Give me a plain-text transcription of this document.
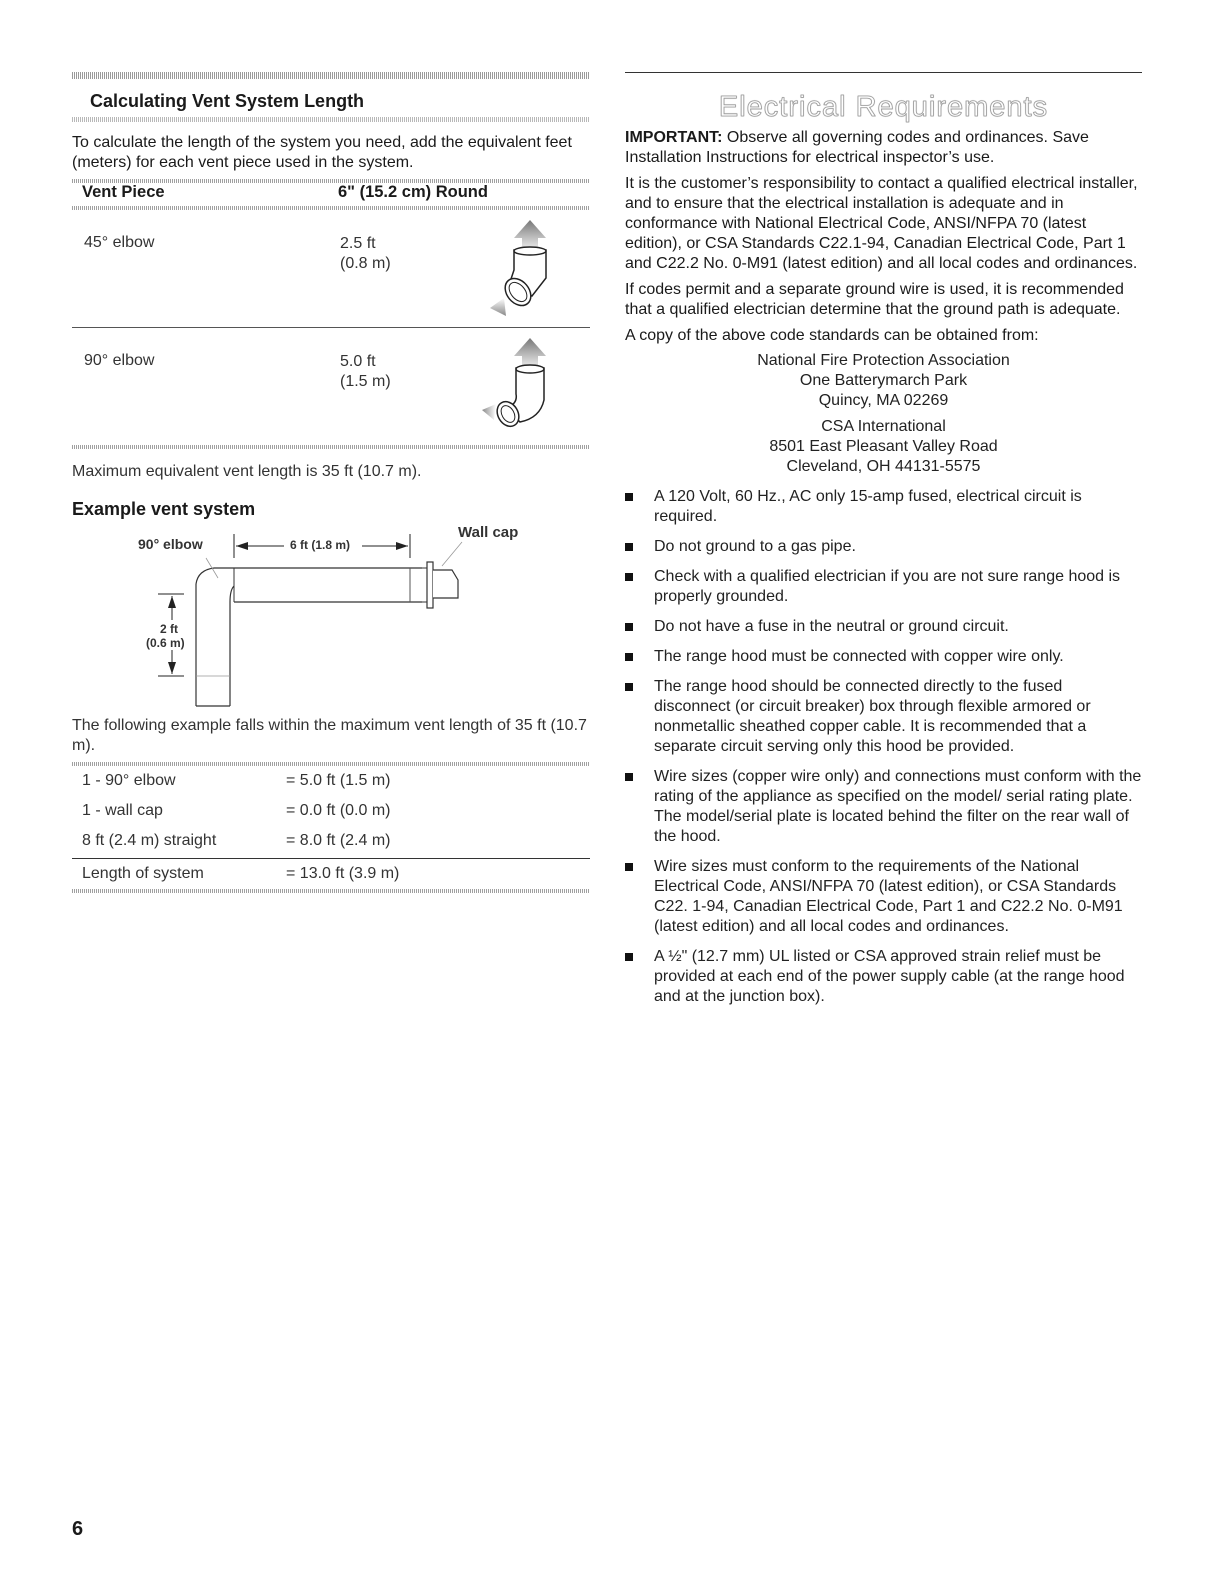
Calculating Vent System Length

To calculate the length of the system you need, add the equivalent feet (meters) for each vent piece used in the system.

Vent Piece	6" (15.2 cm) Round
45° elbow	2.5 ft
(0.8 m)
90° elbow	5.0 ft
(1.5 m)

Maximum equivalent vent length is 35 ft (10.7 m).

Example vent system
90° elbow	6 ft (1.8 m)
Wall cap
2 ft
(0.6 m)

The following example falls within the maximum vent length of 35 ft (10.7 m).

1 - 90° elbow	= 5.0 ft (1.5 m)
1 - wall cap	= 0.0 ft (0.0 m)
8 ft (2.4 m) straight	= 8.0 ft (2.4 m)
Length of system	= 13.0 ft (3.9 m)
Electrical Requirements

IMPORTANT: Observe all governing codes and ordinances. Save Installation Instructions for electrical inspector’s use.

It is the customer’s responsibility to contact a qualified electrical installer, and to ensure that the electrical installation is adequate and in conformance with National Electrical Code, ANSI/NFPA 70 (latest edition), or CSA Standards C22.1-94, Canadian Electrical Code, Part 1 and C22.2 No. 0-M91 (latest edition) and all local codes and ordinances.

If codes permit and a separate ground wire is used, it is recommended that a qualified electrician determine that the ground path is adequate.

A copy of the above code standards can be obtained from:

National Fire Protection Association
One Batterymarch Park
Quincy, MA 02269
CSA International
8501 East Pleasant Valley Road
Cleveland, OH 44131-5575
A 120 Volt, 60 Hz., AC only 15-amp fused, electrical circuit is required.
Do not ground to a gas pipe.
Check with a qualified electrician if you are not sure range hood is properly grounded.
Do not have a fuse in the neutral or ground circuit.
The range hood must be connected with copper wire only.
The range hood should be connected directly to the fused disconnect (or circuit breaker) box through flexible armored or nonmetallic sheathed copper cable. It is recommended that a separate circuit serving only this hood be provided.
Wire sizes (copper wire only) and connections must conform with the rating of the appliance as specified on the model/ serial rating plate. The model/serial plate is located behind the filter on the rear wall of the hood.
Wire sizes must conform to the requirements of the National Electrical Code, ANSI/NFPA 70 (latest edition), or CSA Standards C22. 1-94, Canadian Electrical Code, Part 1 and C22.2 No. 0-M91 (latest edition) and all local codes and ordinances.
A ½" (12.7 mm) UL listed or CSA approved strain relief must be provided at each end of the power supply cable (at the range hood and at the junction box).
6
